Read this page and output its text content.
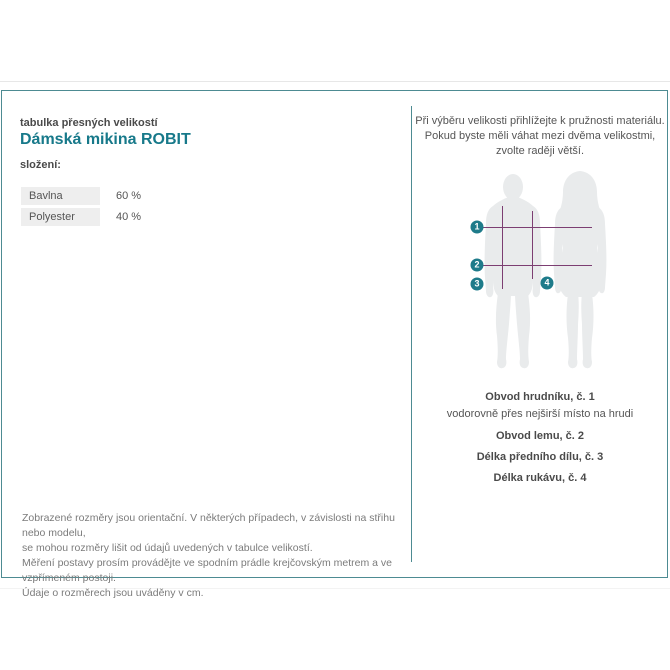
tabulka přesných velikostí
Dámská mikina ROBIT
složení:
Bavlna	60 %
Polyester	40 %
Zobrazené rozměry jsou orientační. V některých případech, v závislosti na střihu nebo modelu,
se mohou rozměry lišit od údajů uvedených v tabulce velikostí.
Měření postavy prosím provádějte ve spodním prádle krejčovským metrem a ve vzpřímeném postoji.
Údaje o rozměrech jsou uváděny v cm.
Při výběru velikosti přihlížejte k pružnosti materiálu.
Pokud byste měli váhat mezi dvěma velikostmi,
zvolte raději větší.
1
2
3	4
Obvod hrudníku, č. 1
vodorovně přes nejširší místo na hrudi
Obvod lemu, č. 2
Délka předního dílu, č. 3
Délka rukávu, č. 4
